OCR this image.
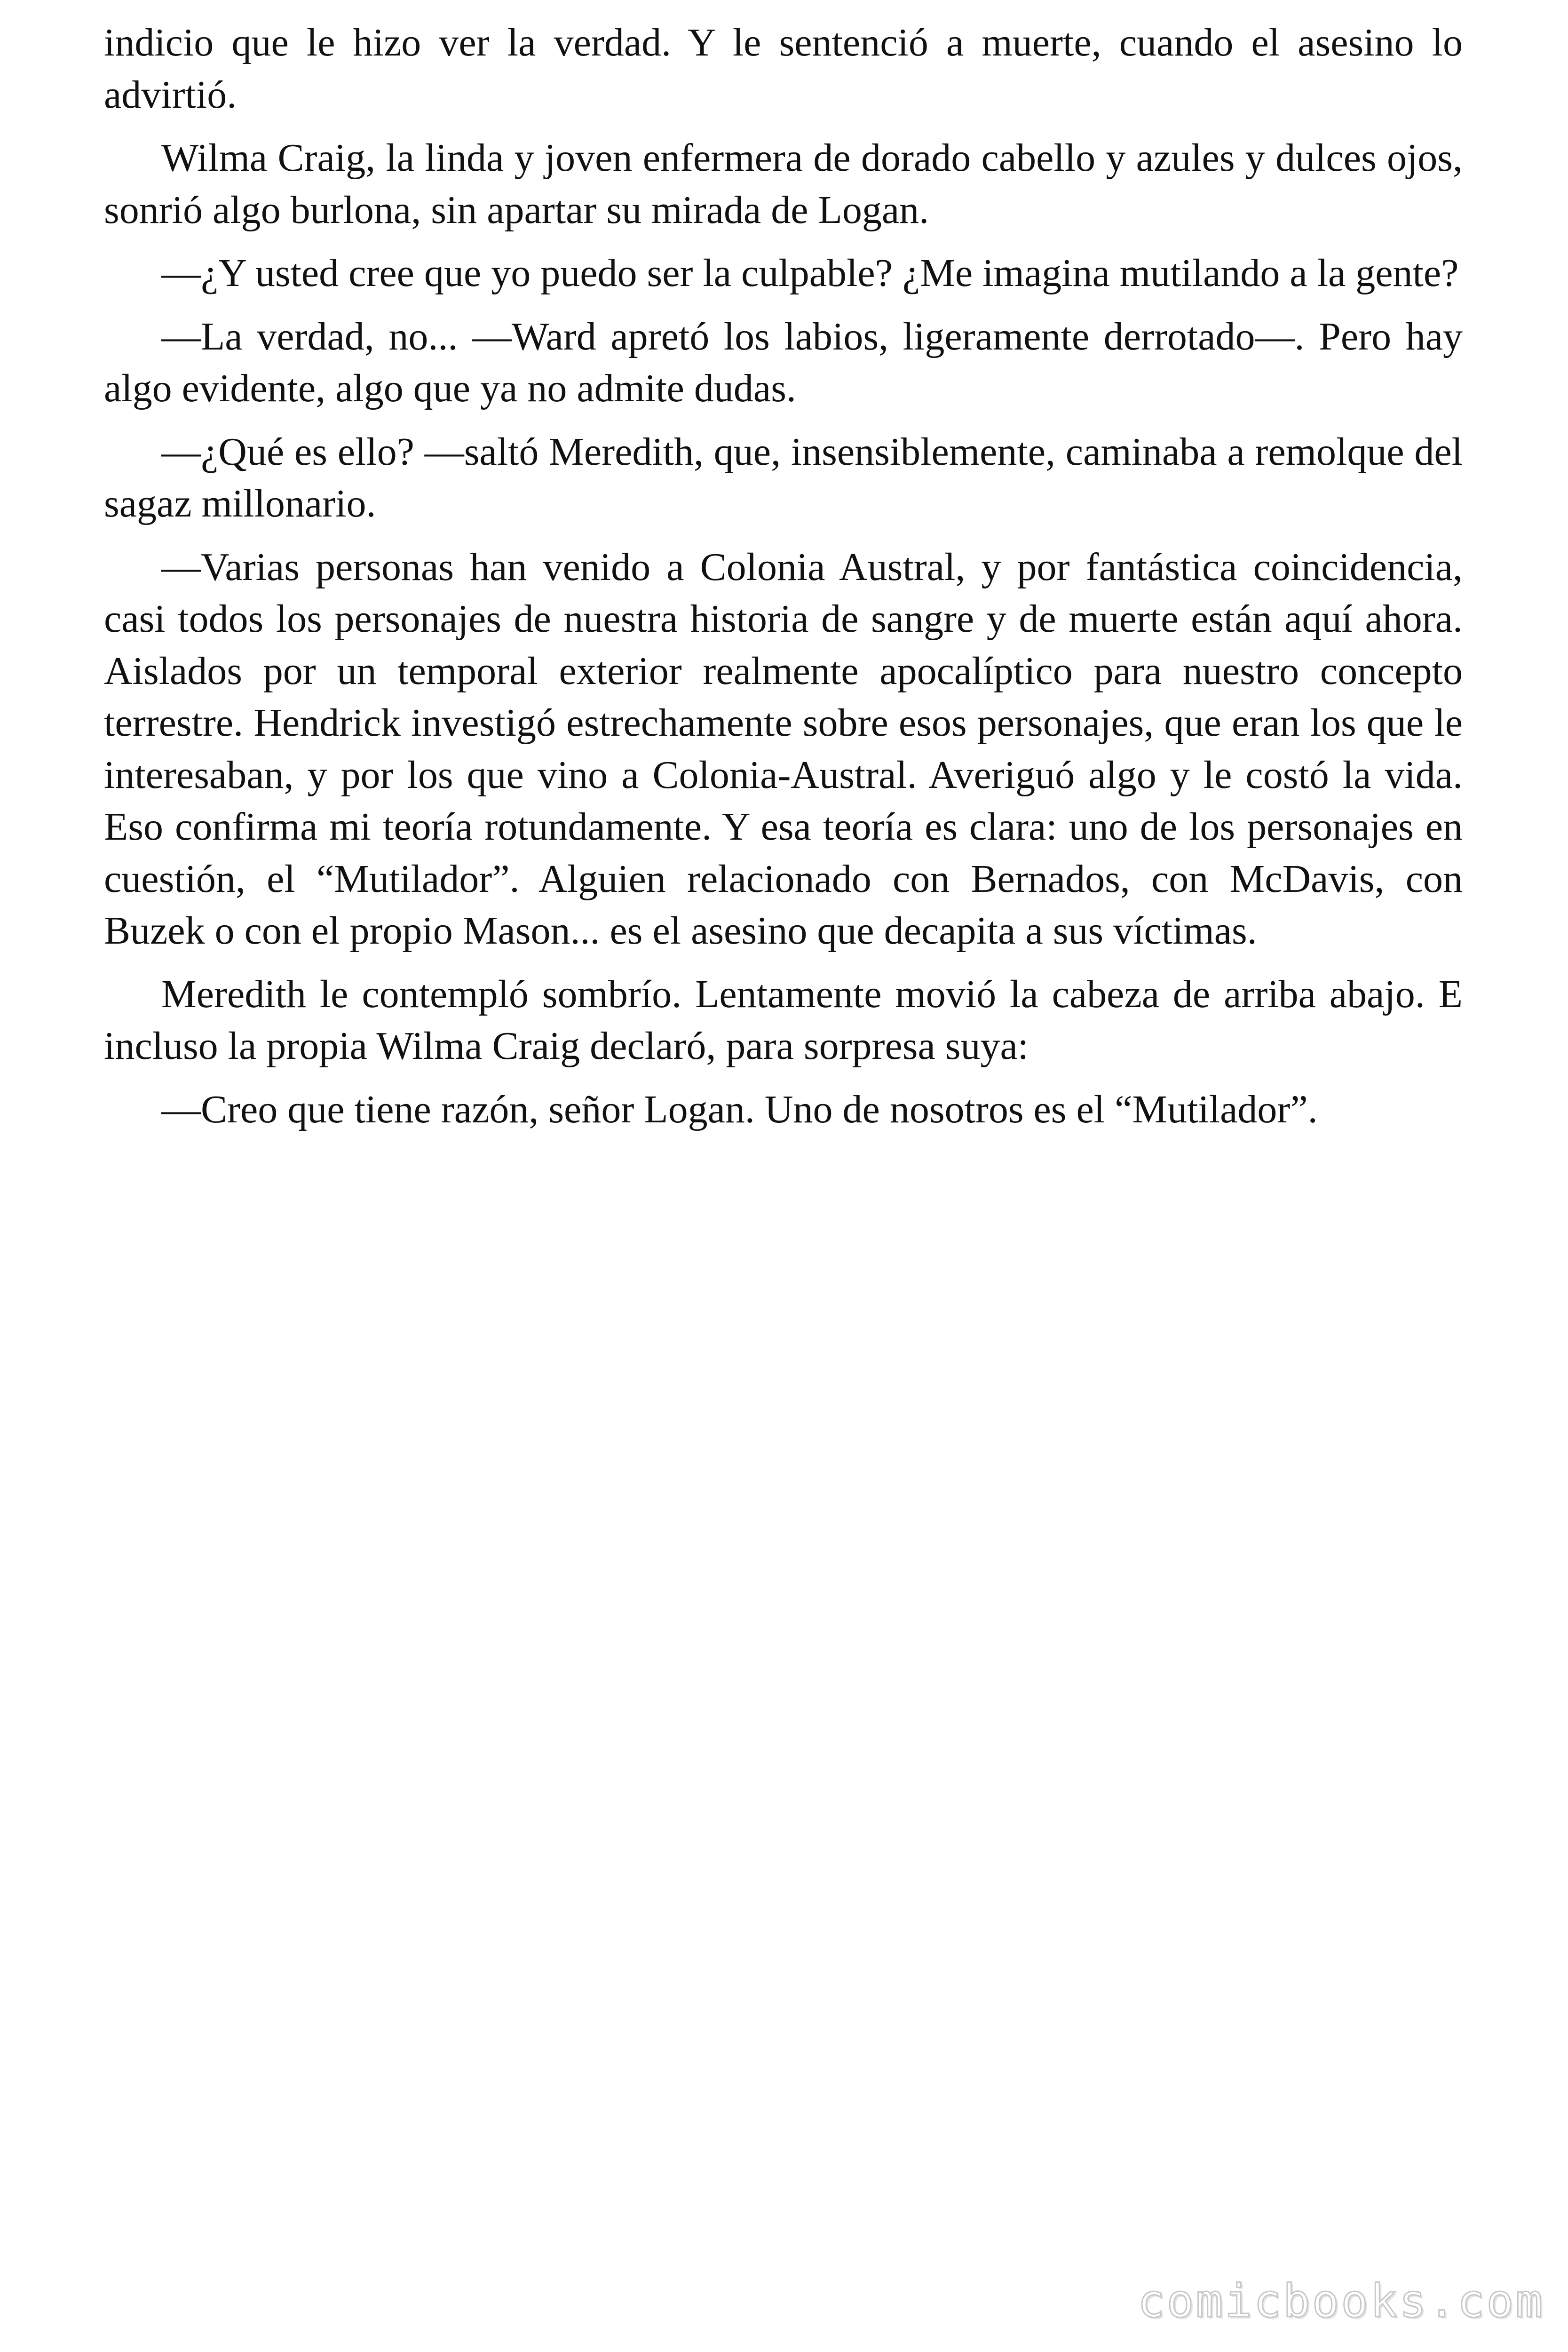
indicio que le hizo ver la verdad. Y le sentenció a muerte, cuando el asesino lo advirtió.

Wilma Craig, la linda y joven enfermera de dorado cabello y azules y dulces ojos, sonrió algo burlona, sin apartar su mirada de Logan.

—¿Y usted cree que yo puedo ser la culpable? ¿Me imagina mutilando a la gente?

—La verdad, no... —Ward apretó los labios, ligeramente derrotado—. Pero hay algo evidente, algo que ya no admite dudas.

—¿Qué es ello? —saltó Meredith, que, insensiblemente, caminaba a remolque del sagaz millonario.

—Varias personas han venido a Colonia Austral, y por fantástica coincidencia, casi todos los personajes de nuestra historia de sangre y de muerte están aquí ahora. Aislados por un temporal exterior realmente apocalíptico para nuestro concepto terrestre. Hendrick investigó estrechamente sobre esos personajes, que eran los que le interesaban, y por los que vino a Colonia-Austral. Averiguó algo y le costó la vida. Eso confirma mi teoría rotundamente. Y esa teoría es clara: uno de los personajes en cuestión, el “Mutilador”. Alguien relacionado con Bernados, con McDavis, con Buzek o con el propio Mason... es el asesino que decapita a sus víctimas.

Meredith le contempló sombrío. Lentamente movió la cabeza de arriba abajo. E incluso la propia Wilma Craig declaró, para sorpresa suya:

—Creo que tiene razón, señor Logan. Uno de nosotros es el “Mutilador”.

comicbooks.com
